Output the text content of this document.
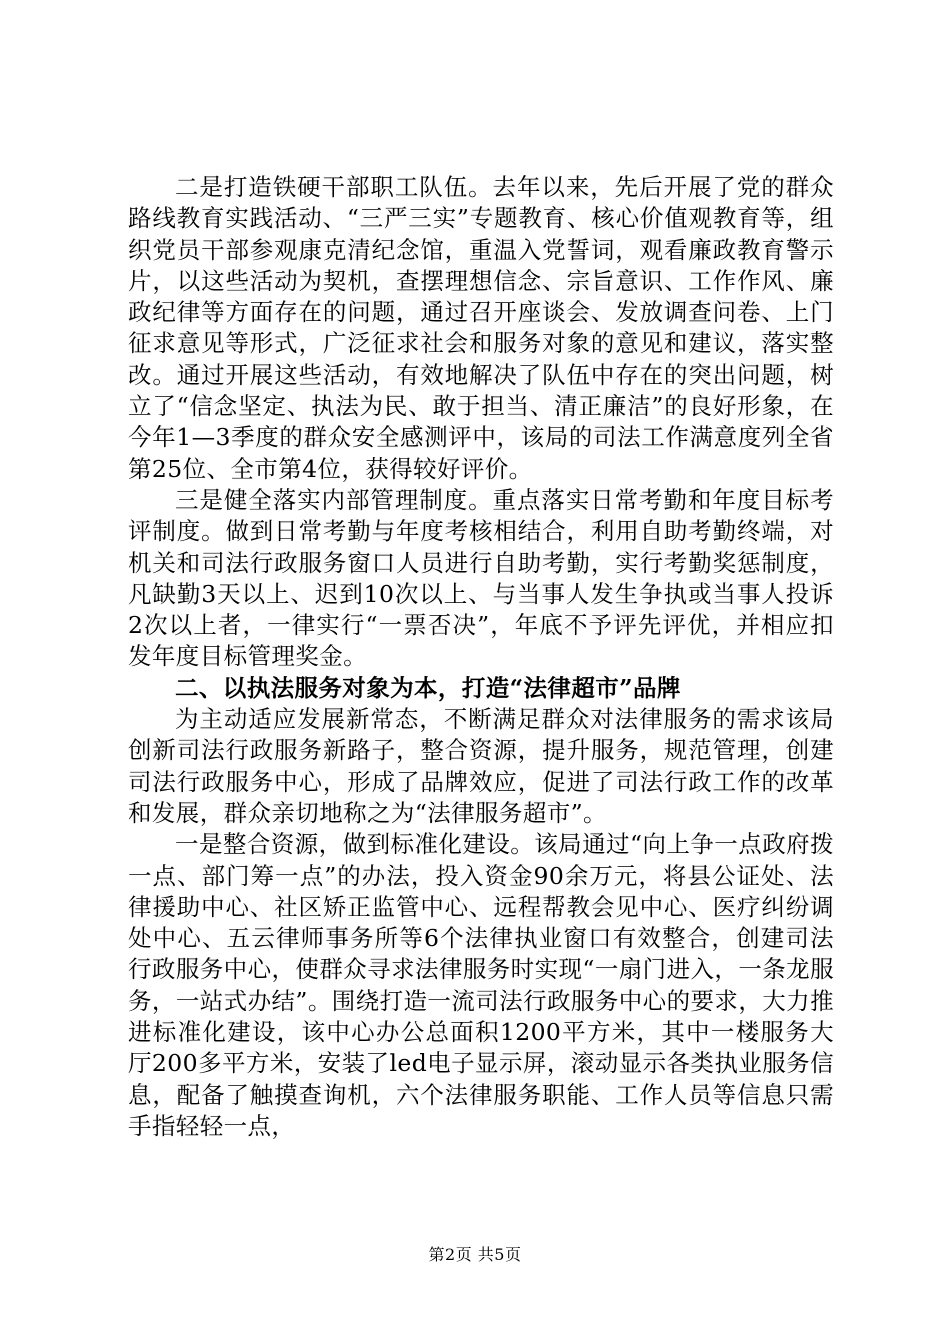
二是打造铁硬干部职工队伍。去年以来，先后开展了党的群众路线教育实践活动、“三严三实”专题教育、核心价值观教育等，组织党员干部参观康克清纪念馆，重温入党誓词，观看廉政教育警示片，以这些活动为契机，查摆理想信念、宗旨意识、工作作风、廉政纪律等方面存在的问题，通过召开座谈会、发放调查问卷、上门征求意见等形式，广泛征求社会和服务对象的意见和建议，落实整改。通过开展这些活动，有效地解决了队伍中存在的突出问题，树立了“信念坚定、执法为民、敢于担当、清正廉洁”的良好形象，在今年1—3季度的群众安全感测评中，该局的司法工作满意度列全省第25位、全市第4位，获得较好评价。

三是健全落实内部管理制度。重点落实日常考勤和年度目标考评制度。做到日常考勤与年度考核相结合，利用自助考勤终端，对机关和司法行政服务窗口人员进行自助考勤，实行考勤奖惩制度，凡缺勤3天以上、迟到10次以上、与当事人发生争执或当事人投诉2次以上者，一律实行“一票否决”，年底不予评先评优，并相应扣发年度目标管理奖金。

二、以执法服务对象为本，打造“法律超市”品牌

为主动适应发展新常态，不断满足群众对法律服务的需求该局创新司法行政服务新路子，整合资源，提升服务，规范管理，创建司法行政服务中心，形成了品牌效应，促进了司法行政工作的改革和发展，群众亲切地称之为“法律服务超市”。

一是整合资源，做到标准化建设。该局通过“向上争一点政府拨一点、部门筹一点”的办法，投入资金90余万元，将县公证处、法律援助中心、社区矫正监管中心、远程帮教会见中心、医疗纠纷调处中心、五云律师事务所等6个法律执业窗口有效整合，创建司法行政服务中心，使群众寻求法律服务时实现“一扇门进入，一条龙服务，一站式办结”。围绕打造一流司法行政服务中心的要求，大力推进标准化建设，该中心办公总面积1200平方米，其中一楼服务大厅200多平方米，安装了led电子显示屏，滚动显示各类执业服务信息，配备了触摸查询机，六个法律服务职能、工作人员等信息只需手指轻轻一点，

第2页 共5页
